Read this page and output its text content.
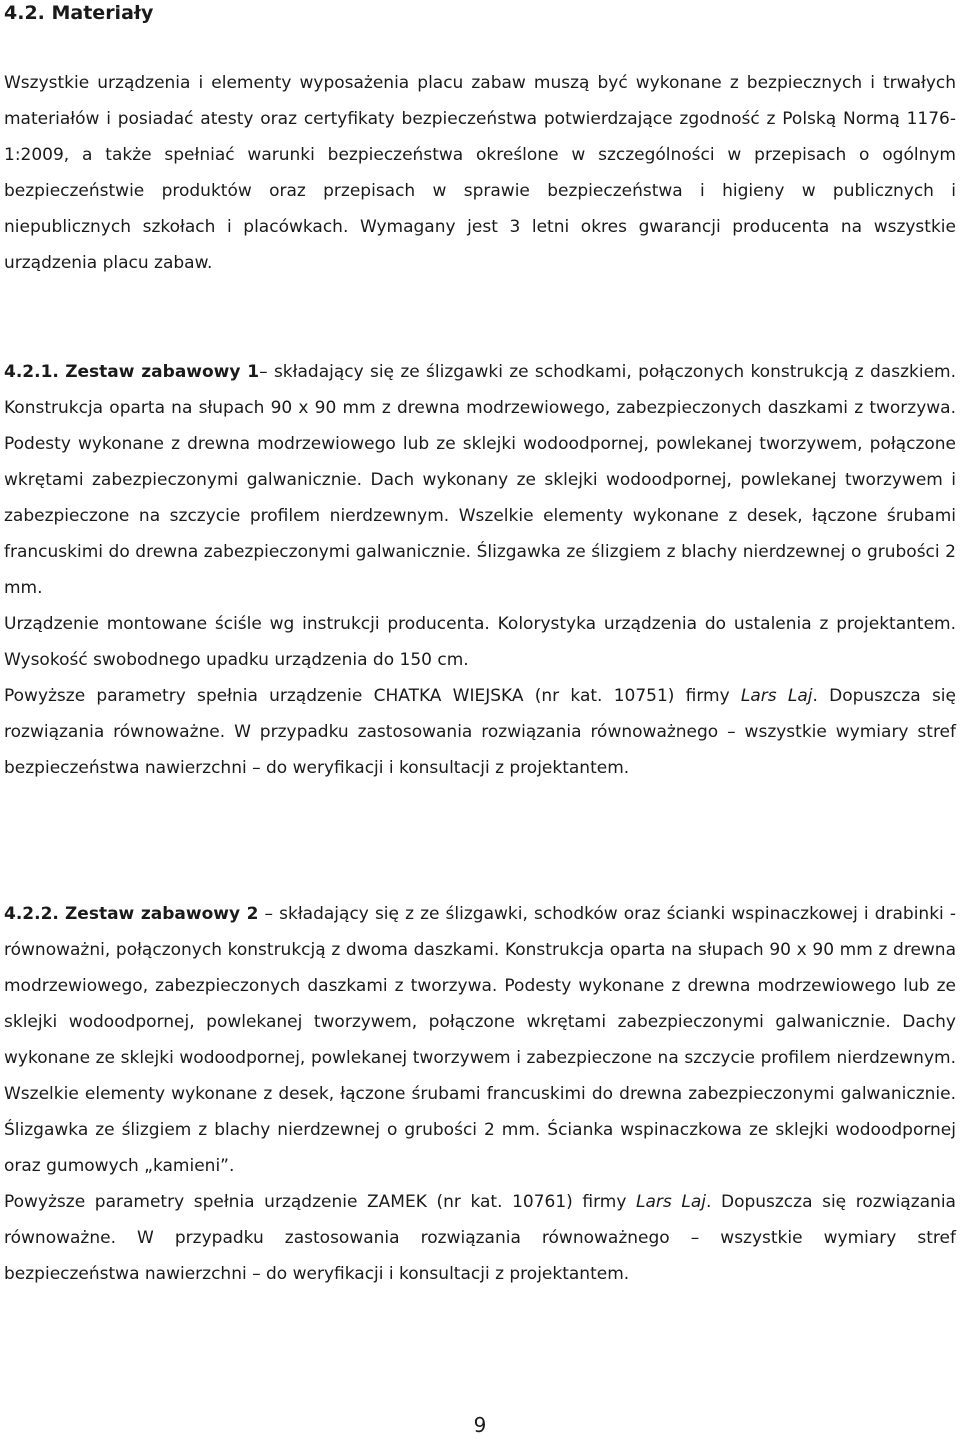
4.2. Materiały

Wszystkie urządzenia i elementy wyposażenia placu zabaw muszą być wykonane z bezpiecznych i trwałych materiałów i posiadać atesty oraz certyfikaty bezpieczeństwa potwierdzające zgodność z Polską Normą 1176-1:2009, a także spełniać warunki bezpieczeństwa określone w szczególności w przepisach o ogólnym bezpieczeństwie produktów oraz przepisach w sprawie bezpieczeństwa i higieny w publicznych i niepublicznych szkołach i placówkach. Wymagany jest 3 letni okres gwarancji producenta na wszystkie urządzenia placu zabaw.

4.2.1. Zestaw zabawowy 1– składający się ze ślizgawki ze schodkami, połączonych konstrukcją z daszkiem. Konstrukcja oparta na słupach 90 x 90 mm z drewna modrzewiowego, zabezpieczonych daszkami z tworzywa. Podesty wykonane z drewna modrzewiowego lub ze sklejki wodoodpornej, powlekanej tworzywem, połączone wkrętami zabezpieczonymi galwanicznie. Dach wykonany ze sklejki wodoodpornej, powlekanej tworzywem i zabezpieczone na szczycie profilem nierdzewnym. Wszelkie elementy wykonane z desek, łączone śrubami francuskimi do drewna zabezpieczonymi galwanicznie. Ślizgawka ze ślizgiem z blachy nierdzewnej o grubości 2 mm.
Urządzenie montowane ściśle wg instrukcji producenta. Kolorystyka urządzenia do ustalenia z projektantem. Wysokość swobodnego upadku urządzenia do 150 cm.
Powyższe parametry spełnia urządzenie CHATKA WIEJSKA (nr kat. 10751) firmy Lars Laj. Dopuszcza się rozwiązania równoważne. W przypadku zastosowania rozwiązania równoważnego – wszystkie wymiary stref bezpieczeństwa nawierzchni – do weryfikacji i konsultacji z projektantem.
4.2.2. Zestaw zabawowy 2 – składający się z ze ślizgawki, schodków oraz ścianki wspinaczkowej i drabinki - równoważni, połączonych konstrukcją z dwoma daszkami. Konstrukcja oparta na słupach 90 x 90 mm z drewna modrzewiowego, zabezpieczonych daszkami z tworzywa. Podesty wykonane z drewna modrzewiowego lub ze sklejki wodoodpornej, powlekanej tworzywem, połączone wkrętami zabezpieczonymi galwanicznie. Dachy wykonane ze sklejki wodoodpornej, powlekanej tworzywem i zabezpieczone na szczycie profilem nierdzewnym. Wszelkie elementy wykonane z desek, łączone śrubami francuskimi do drewna zabezpieczonymi galwanicznie. Ślizgawka ze ślizgiem z blachy nierdzewnej o grubości 2 mm. Ścianka wspinaczkowa ze sklejki wodoodpornej oraz gumowych „kamieni”.
Powyższe parametry spełnia urządzenie ZAMEK (nr kat. 10761) firmy Lars Laj. Dopuszcza się rozwiązania równoważne. W przypadku zastosowania rozwiązania równoważnego – wszystkie wymiary stref bezpieczeństwa nawierzchni – do weryfikacji i konsultacji z projektantem.
9
